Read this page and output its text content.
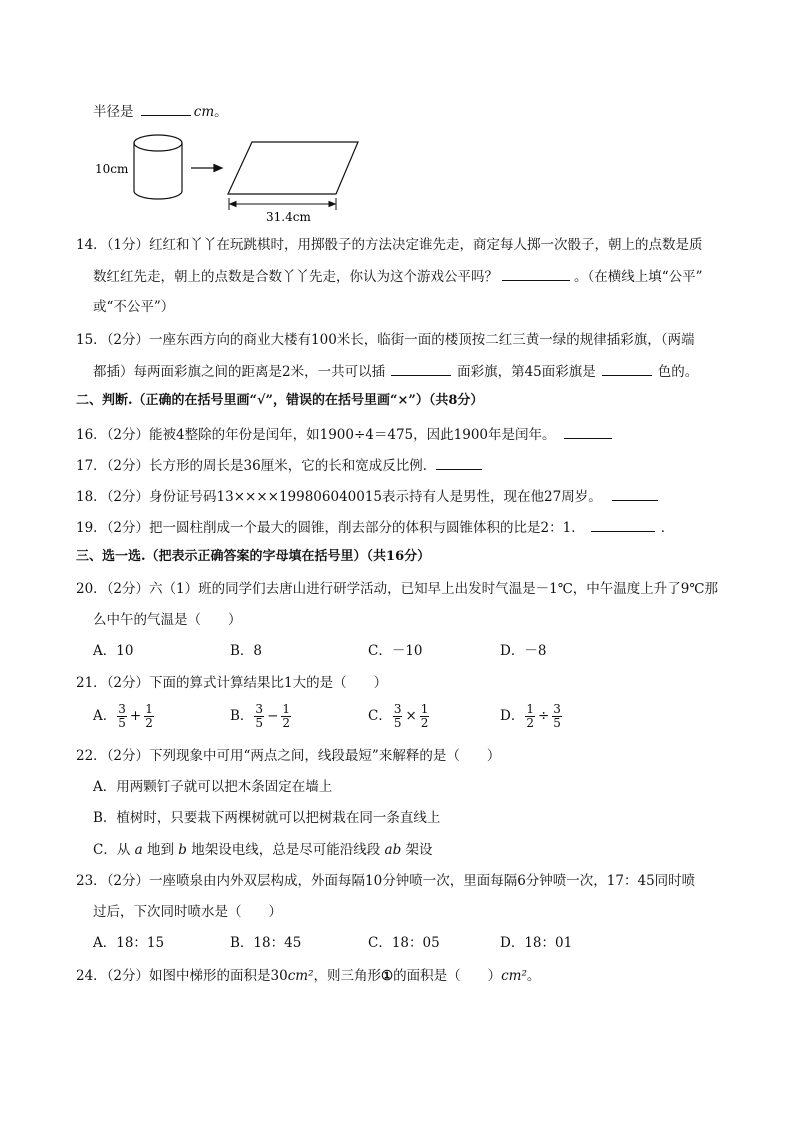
半径是	cm。
10cm
31.4cm
14．（1分）红红和丫丫在玩跳棋时，用掷骰子的方法决定谁先走，商定每人掷一次骰子，朝上的点数是质
数红红先走，朝上的点数是合数丫丫先走，你认为这个游戏公平吗？	。（在横线上填“公平”
或“不公平”）
15．（2分）一座东西方向的商业大楼有100米长，临街一面的楼顶按二红三黄一绿的规律插彩旗，（两端
都插）每两面彩旗之间的距离是2米，一共可以插	面彩旗，第45面彩旗是	色的。
二、判断.（正确的在括号里画“√”，错误的在括号里画“×”）（共8分）
16．（2分）能被4整除的年份是闰年，如1900÷4＝475，因此1900年是闰年。
17．（2分）长方形的周长是36厘米，它的长和宽成反比例．
18．（2分）身份证号码13××××199806040015表示持有人是男性，现在他27周岁。
19．（2分）把一圆柱削成一个最大的圆锥，削去部分的体积与圆锥体积的比是2：1．	．
三、选一选.（把表示正确答案的字母填在括号里）（共16分）
20．（2分）六（1）班的同学们去唐山进行研学活动，已知早上出发时气温是－1℃，中午温度上升了9℃那
么中午的气温是（　　）
A．10	B．8	C．－10	D．－8
21．（2分）下面的算式计算结果比1大的是（　　）
A． $\frac{3}{5} + \frac{1}{2}$	B． $\frac{3}{5} - \frac{1}{2}$	C． $\frac{3}{5} \times \frac{1}{2}$	D． $\frac{1}{2} \div \frac{3}{5}$
22．（2分）下列现象中可用“两点之间，线段最短”来解释的是（　　）
A．用两颗钉子就可以把木条固定在墙上
B．植树时，只要栽下两棵树就可以把树栽在同一条直线上
C．从 a 地到 b 地架设电线，总是尽可能沿线段 ab 架设
23．（2分）一座喷泉由内外双层构成，外面每隔10分钟喷一次，里面每隔6分钟喷一次，17：45同时喷
过后，下次同时喷水是（　　）
A．18：15	B．18：45	C．18：05	D．18：01
24．（2分）如图中梯形的面积是30cm²，则三角形①的面积是（　　）cm²。
